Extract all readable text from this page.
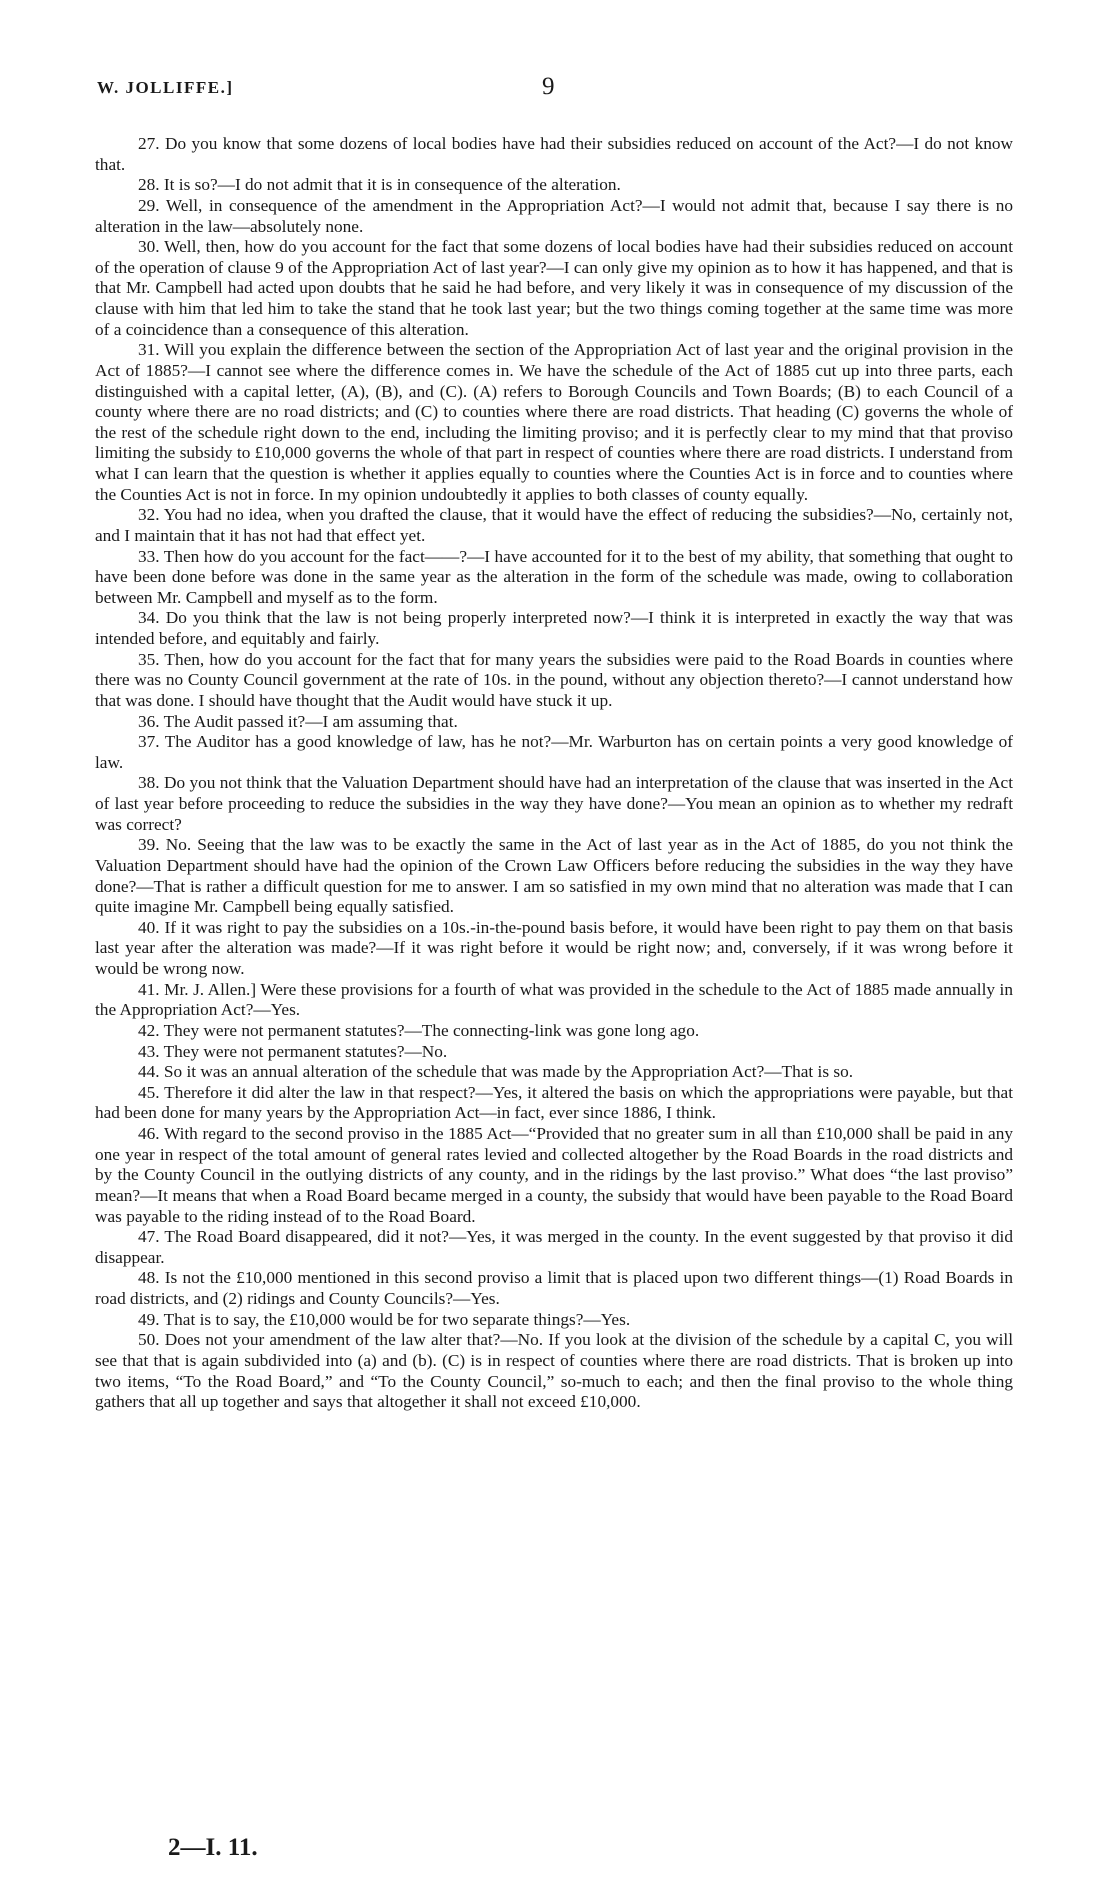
W. JOLLIFFE.]	9

27. Do you know that some dozens of local bodies have had their subsidies reduced on account of the Act?—I do not know that.

28. It is so?—I do not admit that it is in consequence of the alteration.

29. Well, in consequence of the amendment in the Appropriation Act?—I would not admit that, because I say there is no alteration in the law—absolutely none.

30. Well, then, how do you account for the fact that some dozens of local bodies have had their subsidies reduced on account of the operation of clause 9 of the Appropriation Act of last year?—I can only give my opinion as to how it has happened, and that is that Mr. Campbell had acted upon doubts that he said he had before, and very likely it was in consequence of my discussion of the clause with him that led him to take the stand that he took last year; but the two things coming together at the same time was more of a coincidence than a consequence of this alteration.

31. Will you explain the difference between the section of the Appropriation Act of last year and the original provision in the Act of 1885?—I cannot see where the difference comes in. We have the schedule of the Act of 1885 cut up into three parts, each distinguished with a capital letter, (A), (B), and (C). (A) refers to Borough Councils and Town Boards; (B) to each Council of a county where there are no road districts; and (C) to counties where there are road districts. That heading (C) governs the whole of the rest of the schedule right down to the end, including the limiting proviso; and it is perfectly clear to my mind that that proviso limiting the subsidy to £10,000 governs the whole of that part in respect of counties where there are road districts. I understand from what I can learn that the question is whether it applies equally to counties where the Counties Act is in force and to counties where the Counties Act is not in force. In my opinion undoubtedly it applies to both classes of county equally.

32. You had no idea, when you drafted the clause, that it would have the effect of reducing the subsidies?—No, certainly not, and I maintain that it has not had that effect yet.

33. Then how do you account for the fact——?—I have accounted for it to the best of my ability, that something that ought to have been done before was done in the same year as the alteration in the form of the schedule was made, owing to collaboration between Mr. Campbell and myself as to the form.

34. Do you think that the law is not being properly interpreted now?—I think it is interpreted in exactly the way that was intended before, and equitably and fairly.

35. Then, how do you account for the fact that for many years the subsidies were paid to the Road Boards in counties where there was no County Council government at the rate of 10s. in the pound, without any objection thereto?—I cannot understand how that was done. I should have thought that the Audit would have stuck it up.

36. The Audit passed it?—I am assuming that.

37. The Auditor has a good knowledge of law, has he not?—Mr. Warburton has on certain points a very good knowledge of law.

38. Do you not think that the Valuation Department should have had an interpretation of the clause that was inserted in the Act of last year before proceeding to reduce the subsidies in the way they have done?—You mean an opinion as to whether my redraft was correct?

39. No. Seeing that the law was to be exactly the same in the Act of last year as in the Act of 1885, do you not think the Valuation Department should have had the opinion of the Crown Law Officers before reducing the subsidies in the way they have done?—That is rather a difficult question for me to answer. I am so satisfied in my own mind that no alteration was made that I can quite imagine Mr. Campbell being equally satisfied.

40. If it was right to pay the subsidies on a 10s.-in-the-pound basis before, it would have been right to pay them on that basis last year after the alteration was made?—If it was right before it would be right now; and, conversely, if it was wrong before it would be wrong now.

41. Mr. J. Allen.] Were these provisions for a fourth of what was provided in the schedule to the Act of 1885 made annually in the Appropriation Act?—Yes.

42. They were not permanent statutes?—The connecting-link was gone long ago.

43. They were not permanent statutes?—No.

44. So it was an annual alteration of the schedule that was made by the Appropriation Act?—That is so.

45. Therefore it did alter the law in that respect?—Yes, it altered the basis on which the appropriations were payable, but that had been done for many years by the Appropriation Act—in fact, ever since 1886, I think.

46. With regard to the second proviso in the 1885 Act—“Provided that no greater sum in all than £10,000 shall be paid in any one year in respect of the total amount of general rates levied and collected altogether by the Road Boards in the road districts and by the County Council in the outlying districts of any county, and in the ridings by the last proviso.” What does “the last proviso” mean?—It means that when a Road Board became merged in a county, the subsidy that would have been payable to the Road Board was payable to the riding instead of to the Road Board.

47. The Road Board disappeared, did it not?—Yes, it was merged in the county. In the event suggested by that proviso it did disappear.

48. Is not the £10,000 mentioned in this second proviso a limit that is placed upon two different things—(1) Road Boards in road districts, and (2) ridings and County Councils?—Yes.

49. That is to say, the £10,000 would be for two separate things?—Yes.

50. Does not your amendment of the law alter that?—No. If you look at the division of the schedule by a capital C, you will see that that is again subdivided into (a) and (b). (C) is in respect of counties where there are road districts. That is broken up into two items, “To the Road Board,” and “To the County Council,” so-much to each; and then the final proviso to the whole thing gathers that all up together and says that altogether it shall not exceed £10,000.

2—I. 11.
